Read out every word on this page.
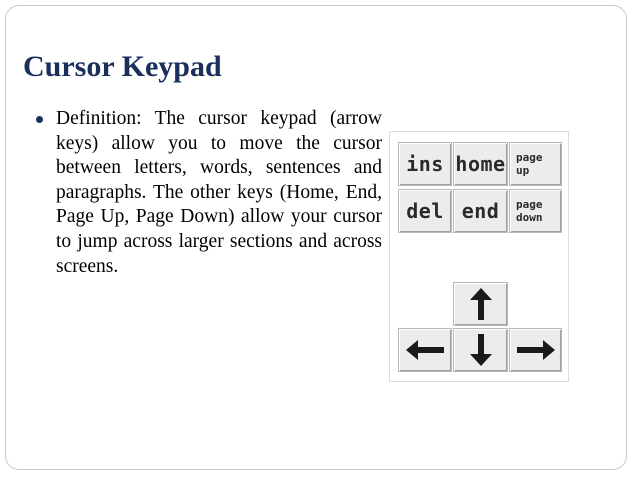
Cursor Keypad
Definition: The cursor keypad (arrow keys) allow you to move the cursor between letters, words, sentences and paragraphs. The other keys (Home, End, Page Up, Page Down) allow your cursor to jump across larger sections and across screens.
ins home page
up
del end page
down
